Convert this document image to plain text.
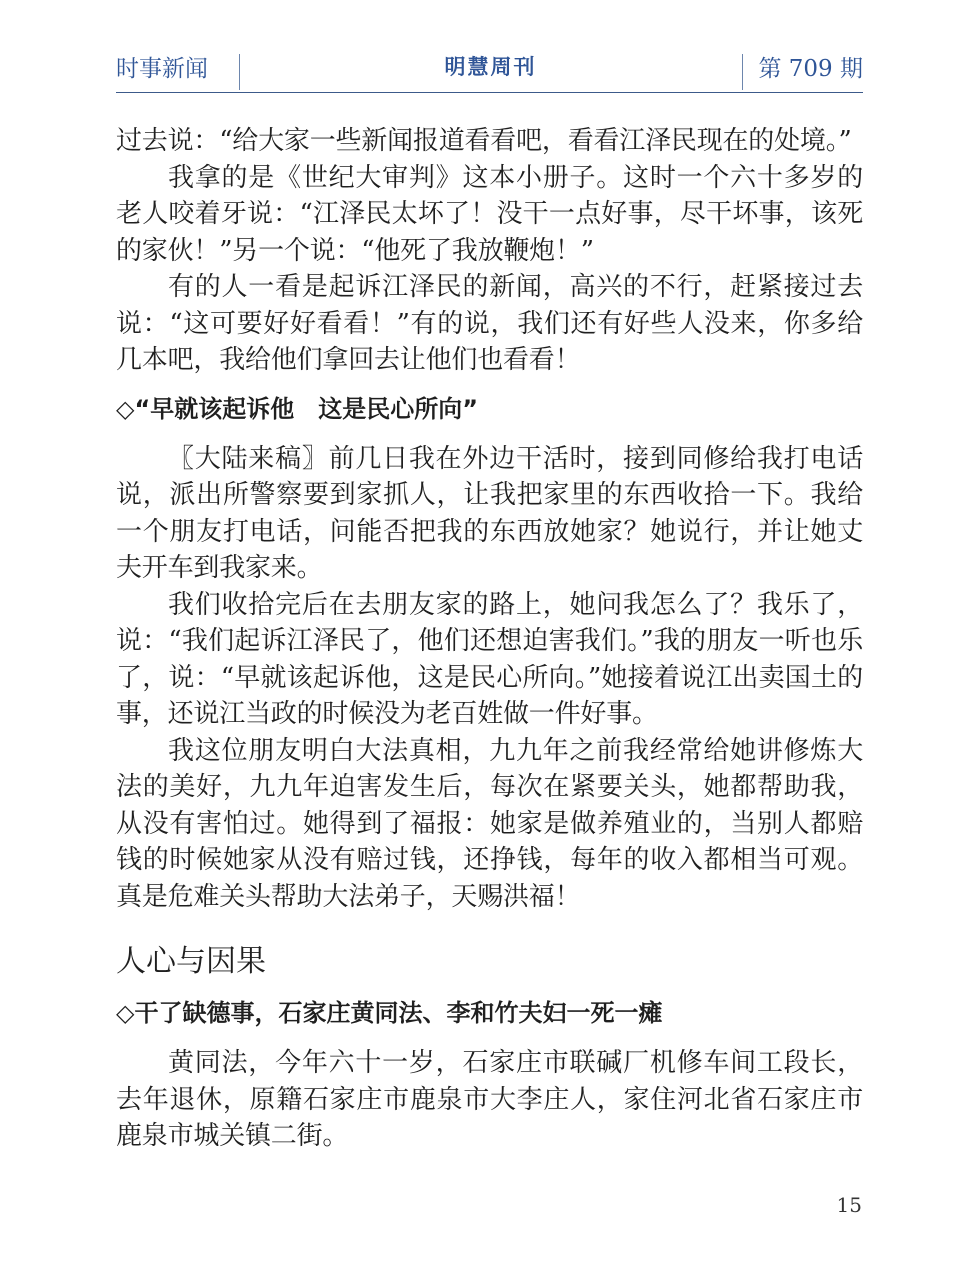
时事新闻	明慧周刊	第 709 期

过去说：“给大家一些新闻报道看看吧，看看江泽民现在的处境。”

我拿的是《世纪大审判》这本小册子。这时一个六十多岁的老人咬着牙说：“江泽民太坏了！没干一点好事，尽干坏事，该死的家伙！”另一个说：“他死了我放鞭炮！”

有的人一看是起诉江泽民的新闻，高兴的不行，赶紧接过去说：“这可要好好看看！”有的说，我们还有好些人没来，你多给几本吧，我给他们拿回去让他们也看看！

◇“早就该起诉他　这是民心所向”

〖大陆来稿〗前几日我在外边干活时，接到同修给我打电话说，派出所警察要到家抓人，让我把家里的东西收拾一下。我给一个朋友打电话，问能否把我的东西放她家？她说行，并让她丈夫开车到我家来。

我们收拾完后在去朋友家的路上，她问我怎么了？我乐了，说：“我们起诉江泽民了，他们还想迫害我们。”我的朋友一听也乐了，说：“早就该起诉他，这是民心所向。”她接着说江出卖国土的事，还说江当政的时候没为老百姓做一件好事。

我这位朋友明白大法真相，九九年之前我经常给她讲修炼大法的美好，九九年迫害发生后，每次在紧要关头，她都帮助我，从没有害怕过。她得到了福报：她家是做养殖业的，当别人都赔钱的时候她家从没有赔过钱，还挣钱，每年的收入都相当可观。真是危难关头帮助大法弟子，天赐洪福！

人心与因果
◇干了缺德事，石家庄黄同法、李和竹夫妇一死一瘫

黄同法，今年六十一岁，石家庄市联碱厂机修车间工段长，去年退休，原籍石家庄市鹿泉市大李庄人，家住河北省石家庄市鹿泉市城关镇二街。

15
